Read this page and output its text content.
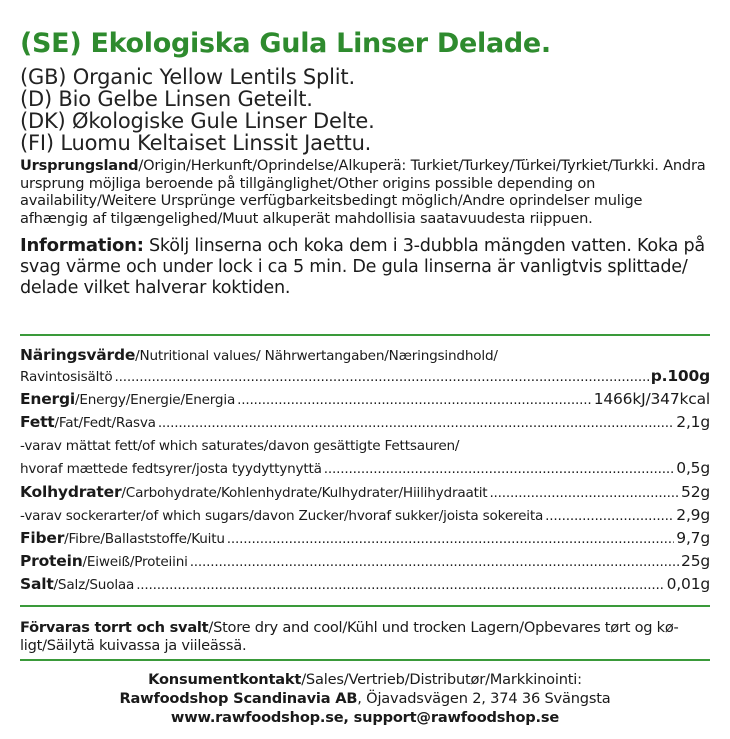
(SE) Ekologiska Gula Linser Delade.
(GB) Organic Yellow Lentils Split.
(D) Bio Gelbe Linsen Geteilt.
(DK) Økologiske Gule Linser Delte.
(FI) Luomu Keltaiset Linssit Jaettu.
Ursprungsland/Origin/Herkunft/Oprindelse/Alkuperä: Turkiet/Turkey/Türkei/Tyrkiet/Turkki. Andra ursprung möjliga beroende på tillgänglighet/Other origins possible depending on availability/Weitere Ursprünge verfügbarkeitsbedingt möglich/Andre oprindelser mulige afhængig af tilgængelighed/Muut alkuperät mahdollisia saatavuudesta riippuen.
Information: Skölj linserna och koka dem i 3-dubbla mängden vatten. Koka på svag värme och under lock i ca 5 min. De gula linserna är vanligtvis splittade/ delade vilket halverar koktiden.
Näringsvärde/Nutritional values/ Nährwertangaben/Næringsindhold/
Ravintosisältö .....	p.100g
Energi/Energy/Energie/Energia .....	1466kJ/347kcal
Fett/Fat/Fedt/Rasva .....	2,1g
-varav mättat fett/of which saturates/davon gesättigte Fettsauren/
hvoraf mættede fedtsyrer/josta tyydyttynyttä .....	0,5g
Kolhydrater/Carbohydrate/Kohlenhydrate/Kulhydrater/Hiilihydraatit .....	52g
-varav sockerarter/of which sugars/davon Zucker/hvoraf sukker/joista sokereita .....	2,9g
Fiber/Fibre/Ballaststoffe/Kuitu .....	9,7g
Protein/Eiweiß/Proteiini .....	25g
Salt/Salz/Suolaa .....	0,01g
Förvaras torrt och svalt/Store dry and cool/Kühl und trocken Lagern/Opbevares tørt og kø-ligt/Säilytä kuivassa ja viileässä.
Konsumentkontakt/Sales/Vertrieb/Distributør/Markkinointi:
Rawfoodshop Scandinavia AB, Öjavadsvägen 2, 374 36 Svängsta
www.rawfoodshop.se, support@rawfoodshop.se
